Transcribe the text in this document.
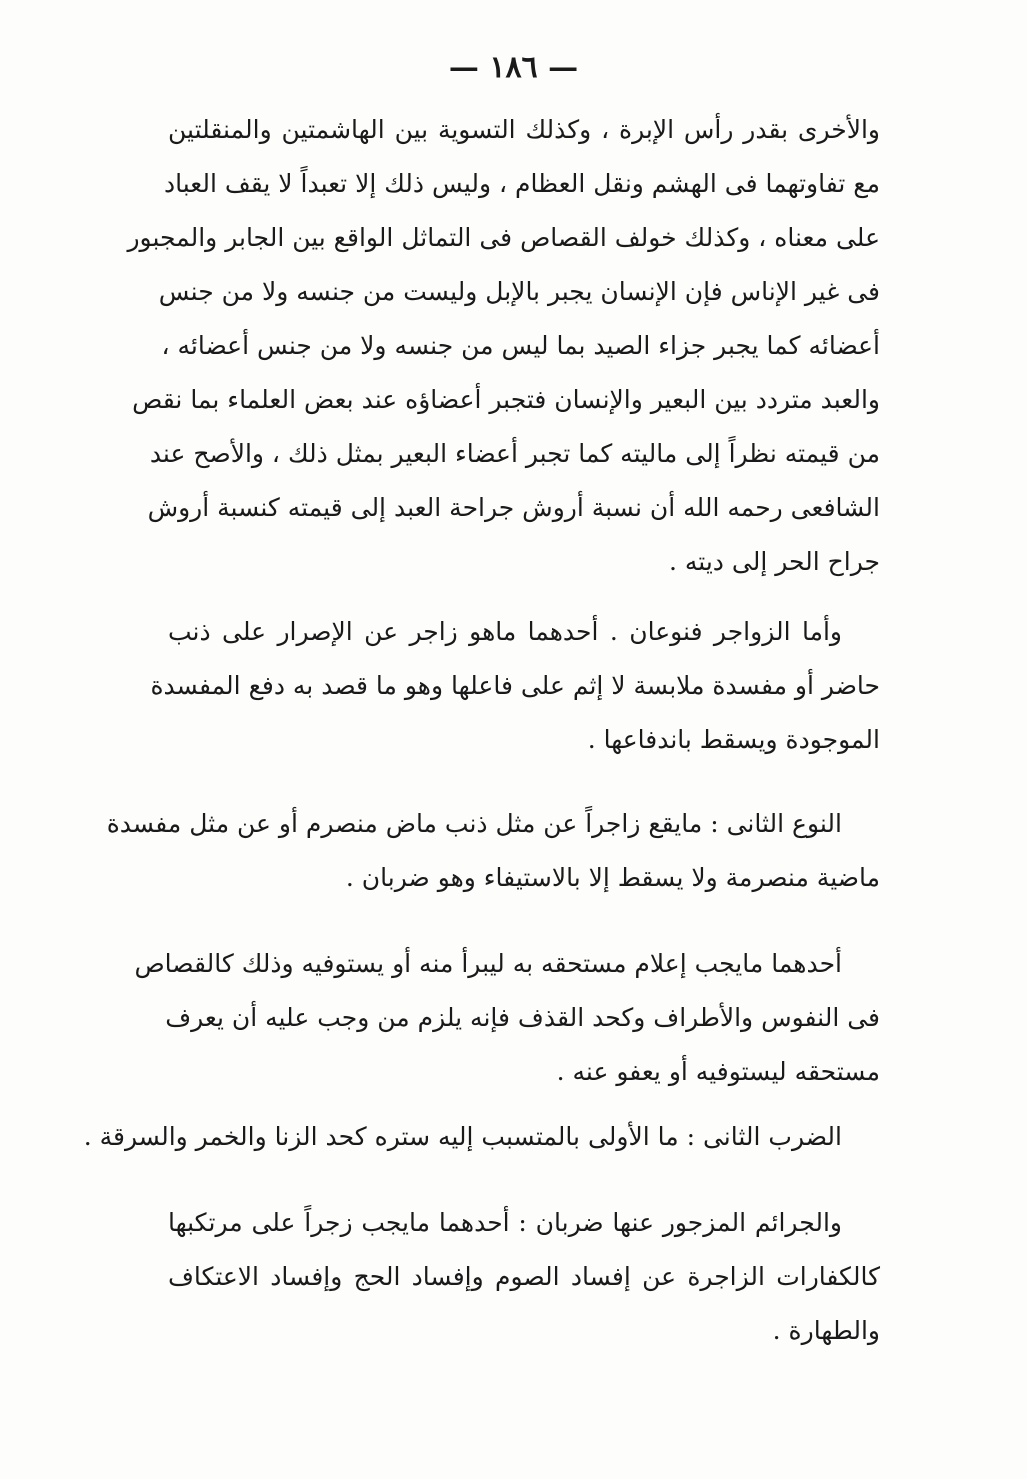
— ١٨٦ —
والأخرى بقدر رأس الإبرة ، وكذلك التسوية بين الهاشمتين والمنقلتين
مع تفاوتهما فى الهشم ونقل العظام ، وليس ذلك إلا تعبداً لا يقف العباد
على معناه ، وكذلك خولف القصاص فى التماثل الواقع بين الجابر والمجبور
فى غير الإناس فإن الإنسان يجبر بالإبل وليست من جنسه ولا من جنس
أعضائه كما يجبر جزاء الصيد بما ليس من جنسه ولا من جنس أعضائه ،
والعبد متردد بين البعير والإنسان فتجبر أعضاؤه عند بعض العلماء بما نقص
من قيمته نظراً إلى ماليته كما تجبر أعضاء البعير بمثل ذلك ، والأصح عند
الشافعى رحمه الله أن نسبة أروش جراحة العبد إلى قيمته كنسبة أروش
جراح الحر إلى ديته .
وأما الزواجر فنوعان . أحدهما ماهو زاجر عن الإصرار على ذنب
حاضر أو مفسدة ملابسة لا إثم على فاعلها وهو ما قصد به دفع المفسدة
الموجودة ويسقط باندفاعها .
النوع الثانى : مايقع زاجراً عن مثل ذنب ماض منصرم أو عن مثل مفسدة
ماضية منصرمة ولا يسقط إلا بالاستيفاء وهو ضربان .
أحدهما مايجب إعلام مستحقه به ليبرأ منه أو يستوفيه وذلك كالقصاص
فى النفوس والأطراف وكحد القذف فإنه يلزم من وجب عليه أن يعرف
مستحقه ليستوفيه أو يعفو عنه .
الضرب الثانى : ما الأولى بالمتسبب إليه ستره كحد الزنا والخمر والسرقة .
والجرائم المزجور عنها ضربان : أحدهما مايجب زجراً على مرتكبها
كالكفارات الزاجرة عن إفساد الصوم وإفساد الحج وإفساد الاعتكاف
والطهارة .
